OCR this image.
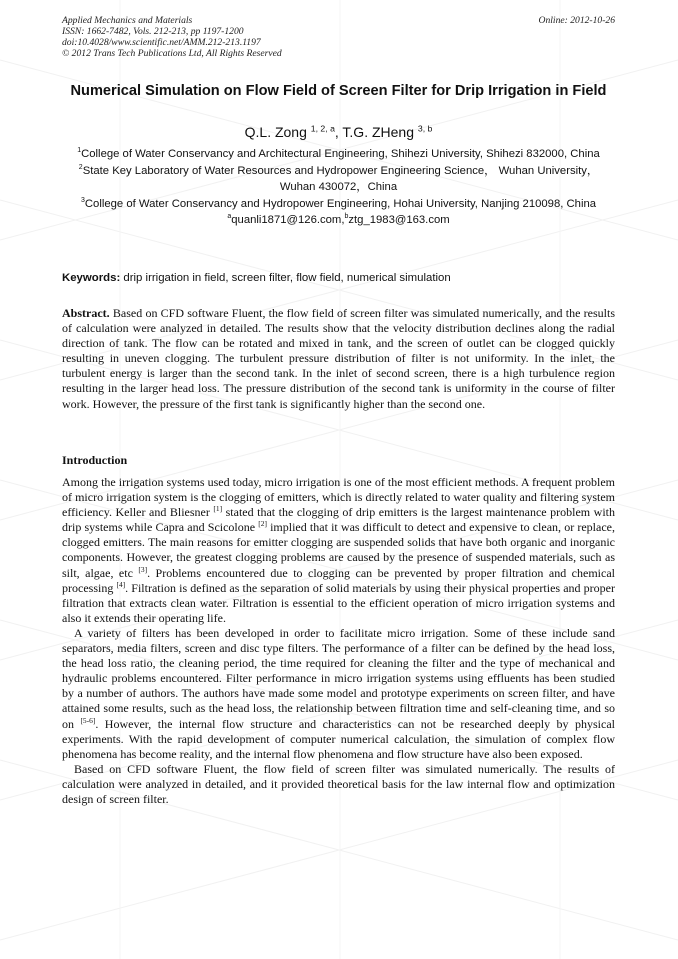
Applied Mechanics and Materials
ISSN: 1662-7482, Vols. 212-213, pp 1197-1200
doi:10.4028/www.scientific.net/AMM.212-213.1197
© 2012 Trans Tech Publications Ltd, All Rights Reserved
Online: 2012-10-26
Numerical Simulation on Flow Field of Screen Filter for Drip Irrigation in Field

Q.L. Zong $^{1, 2, a}$, T.G. ZHeng $^{3, b}$

$^1$College of Water Conservancy and Architectural Engineering, Shihezi University, Shihezi 832000, China

$^2$State Key Laboratory of Water Resources and Hydropower Engineering Science， Wuhan University， Wuhan 430072，China

$^3$College of Water Conservancy and Hydropower Engineering, Hohai University, Nanjing 210098, China

$^a$quanli1871@126.com,$^b$ztg_1983@163.com

Keywords: drip irrigation in field, screen filter, flow field, numerical simulation

Abstract. Based on CFD software Fluent, the flow field of screen filter was simulated numerically, and the results of calculation were analyzed in detailed. The results show that the velocity distribution declines along the radial direction of tank. The flow can be rotated and mixed in tank, and the screen of outlet can be clogged quickly resulting in uneven clogging. The turbulent pressure distribution of filter is not uniformity. In the inlet, the turbulent energy is larger than the second tank. In the inlet of second screen, there is a high turbulence region resulting in the larger head loss. The pressure distribution of the second tank is uniformity in the course of filter work. However, the pressure of the first tank is significantly higher than the second one.

Introduction

Among the irrigation systems used today, micro irrigation is one of the most efficient methods. A frequent problem of micro irrigation system is the clogging of emitters, which is directly related to water quality and filtering system efficiency. Keller and Bliesner [1] stated that the clogging of drip emitters is the largest maintenance problem with drip systems while Capra and Scicolone [2] implied that it was difficult to detect and expensive to clean, or replace, clogged emitters. The main reasons for emitter clogging are suspended solids that have both organic and inorganic components. However, the greatest clogging problems are caused by the presence of suspended materials, such as silt, algae, etc [3]. Problems encountered due to clogging can be prevented by proper filtration and chemical processing [4]. Filtration is defined as the separation of solid materials by using their physical properties and proper filtration that extracts clean water. Filtration is essential to the efficient operation of micro irrigation systems and also it extends their operating life.

A variety of filters has been developed in order to facilitate micro irrigation. Some of these include sand separators, media filters, screen and disc type filters. The performance of a filter can be defined by the head loss, the head loss ratio, the cleaning period, the time required for cleaning the filter and the type of mechanical and hydraulic problems encountered. Filter performance in micro irrigation systems using effluents has been studied by a number of authors. The authors have made some model and prototype experiments on screen filter, and have attained some results, such as the head loss, the relationship between filtration time and self-cleaning time, and so on [5-6]. However, the internal flow structure and characteristics can not be researched deeply by physical experiments. With the rapid development of computer numerical calculation, the simulation of complex flow phenomena has become reality, and the internal flow phenomena and flow structure have also been exposed.

Based on CFD software Fluent, the flow field of screen filter was simulated numerically. The results of calculation were analyzed in detailed, and it provided theoretical basis for the law internal flow and optimization design of screen filter.
